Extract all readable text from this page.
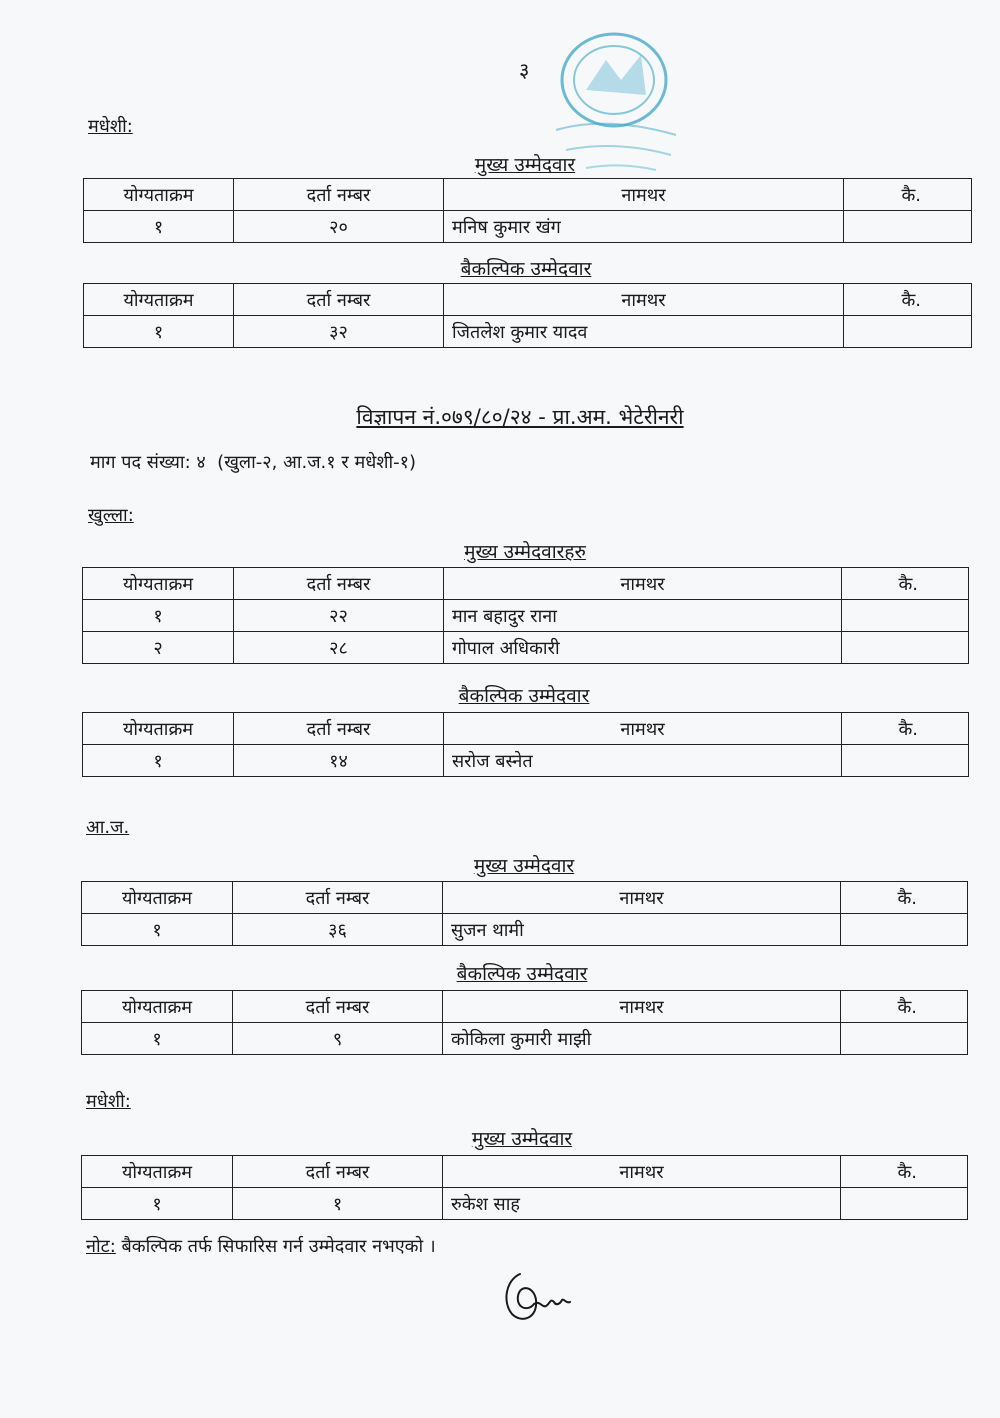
३
मधेशी:
मुख्य उम्मेदवार
योग्यताक्रम	दर्ता नम्बर	नामथर	कै.
१	२०	मनिष कुमार खंग	
बैकल्पिक उम्मेदवार
योग्यताक्रम	दर्ता नम्बर	नामथर	कै.
१	३२	जितलेश कुमार यादव	
विज्ञापन नं.०७९/८०/२४ - प्रा.अम. भेटेरीनरी
माग पद संख्या: ४  (खुला-२, आ.ज.१ र मधेशी-१)
खुल्ला:
मुख्य उम्मेदवारहरु
योग्यताक्रम	दर्ता नम्बर	नामथर	कै.
१	२२	मान बहादुर राना	
२	२८	गोपाल अधिकारी	
बैकल्पिक उम्मेदवार
योग्यताक्रम	दर्ता नम्बर	नामथर	कै.
१	१४	सरोज बस्नेत	
आ.ज.
मुख्य उम्मेदवार
योग्यताक्रम	दर्ता नम्बर	नामथर	कै.
१	३६	सुजन थामी	
बैकल्पिक उम्मेदवार
योग्यताक्रम	दर्ता नम्बर	नामथर	कै.
१	९	कोकिला कुमारी माझी	
मधेशी:
मुख्य उम्मेदवार
योग्यताक्रम	दर्ता नम्बर	नामथर	कै.
१	१	रुकेश साह	
नोट: बैकल्पिक तर्फ सिफारिस गर्न उम्मेदवार नभएको ।
